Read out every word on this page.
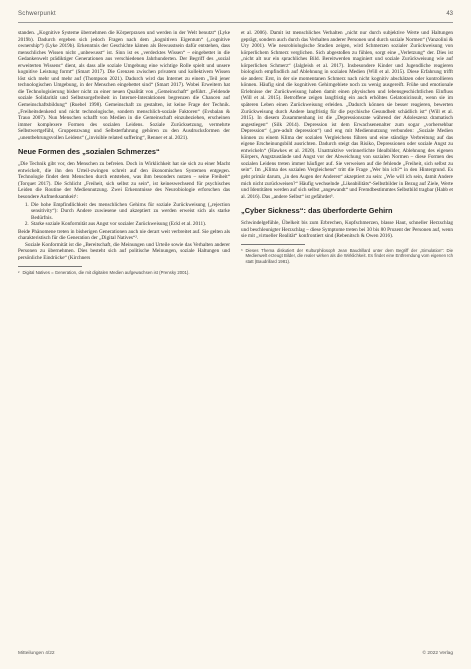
Schwerpunkt	43

standen. „Kognitive Systeme übernehmen die Körperpraxen und werden in der Welt benutzt“ (Lyke 2019b). Dadurch ergeben sich jedoch Fragen nach dem „kognitiven Eigentum“ („cognitive ownership“) (Lyke 2019b). Erkenntnis der Geschichte kämen als Bewusstsein dafür entstehen, dass menschliches Wissen nicht „unbewusst“ ist. Sinn ist es „verdecktes Wissen“ – eingebettet in die Gedankenwelt prädiktiger Generationen aus verschiedenen Jahrhunderten. Der Begriff des „sozial erweiterten Wissens“ dient, als dass alle soziale Umgebung eine wichtige Rolle spielt und unsere kognitive Leistung formt“ (Smart 2017). Die Grenzen zwischen privatem und kollektivem Wissen löst sich mehr und mehr auf (Thompson 2021). Dadurch wird das Internet zu einem „Teil jener technologischen Umgebung, in der Menschen eingebettet sind“ (Smart 2017). Wobei Erweitern hat die Technologisierung bisher nicht zu einer neuen Qualität von „Gemeinschaft“ geführt. „Feldende soziale Solidarität und Selbstsorgefreiheit in Internet-Interaktionen begrenzen die Chancen auf Gemeinschaftsbildung“ (Ruebel 1998). Gemeinschaft zu gestalten, ist keine Frage der Technik. „Freiheitsdenkend und nicht technologische, sondern menschlich-soziale Faktoren“ (Evsbalan & Trauo 2007). Nun Menschen schafft von Medien in die Gemeinschaft einzubeziehen, erscheinen immer komplexere Formen des sozialen Leidens. Soziale Zurücksetzung, vermehrte Selbstwertgefühl, Gruppenzwang und Selbsterfahrung gehören zu den Ausdrucksformen der „unentbehrungsvollen Leidens“ („invisible related suffering“, Renner et al. 2021).

Neue Formen des „sozialen Schmerzes“

„Die Technik gibt vor, den Menschen zu befreien. Doch in Wirklichkeit hat sie sich zu einer Macht entwickelt, die ihn den Urteil-zwingen schreit auf den ökonomischen Systemen entgegen. Technologie findet dem Menschen durch entstehen, was ihm besonders nutzen – seine Freiheit“ (Torquet 2017). Die Schlicht „Freiheit, sich selbst zu sein“, ist keineswechsend für psychisches Leiden die Routine der Mediennutzung. Zwei Erkenntnisse des Neurobiologie erforschen das besondere Aufmerksamkeit¹:

1. Die hohe Empfindlichkeit des menschlichen Gehirns für soziale Zurückweisung („rejection sensitivity“): Durch Andere zuwiesene und akzeptiert zu werden erweist sich als starke Bedürfnis.
2. Starke soziale Konformität aus Angst vor sozialer Zurückweisung (Eckl et al. 2011).

Beide Phänomene treten in bisherigen Generationen auch nie derart weit verbreitet auf. Sie gelten als charakteristisch für die Generation der „Digital Natives“².

Soziale Konformität ist die „Bereitschaft, die Meinungen und Urteile sowie das Verhalten anderer Personen zu übernehmen. Dies besteht sich auf politische Meinungen, soziale Haltungen und persönliche Eindrücke“ (Kirchners

² Digital Natives = Generation, die mit digitalen Medien aufgewachsen ist (Prensky 2001).

et al. 2006). Damit ist menschliches Verhalten „nicht nur durch subjektive Werte und Haltungen geprägt, sondern auch durch das Verhalten anderer Personen und durch soziale Normen“ (Vanzolini & Ury 2001). Wie neurobiologische Studien zeigen, wird Schmerzen sozialer Zurückweisung von körperlichem Schmerz verglichen. Sich abgestoßen zu fühlen, sorgt eine „Verletzung“ der. Dies ist „nicht alt nur ein sprachliches Bild. Bereitwerden maginiert und soziale Zurückweisung wie auf körperlichen Schmerz“ (Jalgleish et al. 2017). Insbesondere Kinder und Jugendliche reagieren biologisch empfindlich auf Ablehnung in sozialen Medien (Will et al. 2015). Diese Erfahrung trifft sie anders: Erst, in der sie momentanen Schmerz nach nicht kognitiv abschätzen oder kontrollieren können. Häufig sind die kognitiven Gehirngebiete noch zu wenig ausgereift. Frühe und emotionale Erlebnisse der Zurückweisung haben damit einen physischen und lebensgeschichtlichen Einfluss (Will et al. 2015). Betroffene zeigen langfristig ein auch erhöhtes Gelatonicinsult, wenn sie im späteren Leben einen Zurückweisung erleiden. „Dadurch können sie besser reagieren, bewerten Zurückweisung durch Andere langfristig für die psychische Gesundheit schädlich ist“ (Will et al. 2015). In diesem Zusammenhang ist die „Depressionsrate während der Adoleszenz dramatisch angestiegen“ (Silk 2014). Depression ist dem Erwachsenenalter zum sogar „vorhersehbar Depression“ („pre-adult depression“) und eng mit Mediennutzung verbunden: „Soziale Medien können zu einem Klima der sozialen Vergleichens führen und eine ständige Verbreitung auf das eigene Erscheinungsbild ausrichten. Dadurch steigt das Risiko, Depressionen oder soziale Angst zu entwickeln“ (Hawkes et al. 2020). Unattraktive verinnerlichte Idealbilder, Ablehnung des eigenen Körpers, Angstzustände und Angst vor der Abweichung von sozialen Normen – diese Formen des sozialen Leidens treten immer häufiger auf. Sie verweisen auf die fehlende „Freiheit, sich selbst zu sein“. Im „Klima des sozialen Vergleichens“ tritt die Frage „Wer bin ich?“ in den Hintergrund. Es geht primär darum, „in den Augen der Anderen“ akzeptiert zu sein: „Wie will ich sein, damit Andere mich nicht zurückweisen?“ Häufig wechselnde „Likeabilitäts“-Selbstbilder in Bezug auf Ziele, Werte und Identitäten werden auf sich selbst „angewandt“ und Fremdbestimmtes Selbstbild tragbar (Habb et al. 2016). Das „andere Selbst“ ist gefährdet³.

„Cyber Sickness“: das überforderte Gehirn

Schwindelgefühle, Übelkeit bis zum Erbrechen, Kopfschmerzen, blasse Haut, schneller Herzschlag und beschleunigter Herzschlag – diese Symptome treten bei 30 bis 80 Prozent der Personen auf, wenn sie mit „virtueller Realität“ konfrontiert sind (Rebenitsch & Owen 2016).

³ Dieses Thema diskutiert der Kulturphilosoph Jean Baudrillard unter dem Begriff der „Simulation“: Die Medienwelt erzeugt Bilder, die realer wirken als die Wirklichkeit. Es findet eine Entfremdung vom eigenen Ich statt (Baudrillard 1981).
Mitteilungen 4/22	© 2022 Verlag
